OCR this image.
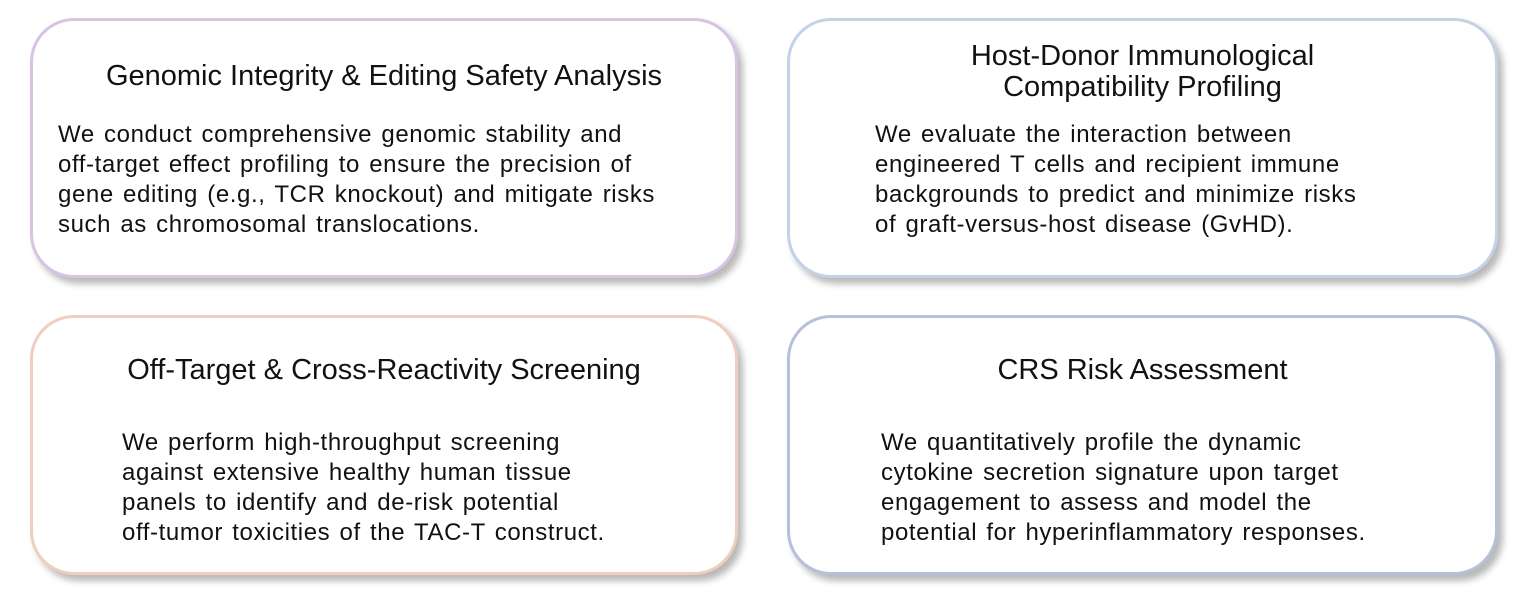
Genomic Integrity & Editing Safety Analysis
We conduct comprehensive genomic stability and
off-target effect profiling to ensure the precision of
gene editing (e.g., TCR knockout) and mitigate risks
such as chromosomal translocations.
Host-Donor Immunological
Compatibility Profiling
We evaluate the interaction between
engineered T cells and recipient immune
backgrounds to predict and minimize risks
of graft-versus-host disease (GvHD).
Off-Target & Cross-Reactivity Screening
We perform high-throughput screening
against extensive healthy human tissue
panels to identify and de-risk potential
off-tumor toxicities of the TAC-T construct.
CRS Risk Assessment
We quantitatively profile the dynamic
cytokine secretion signature upon target
engagement to assess and model the
potential for hyperinflammatory responses.
